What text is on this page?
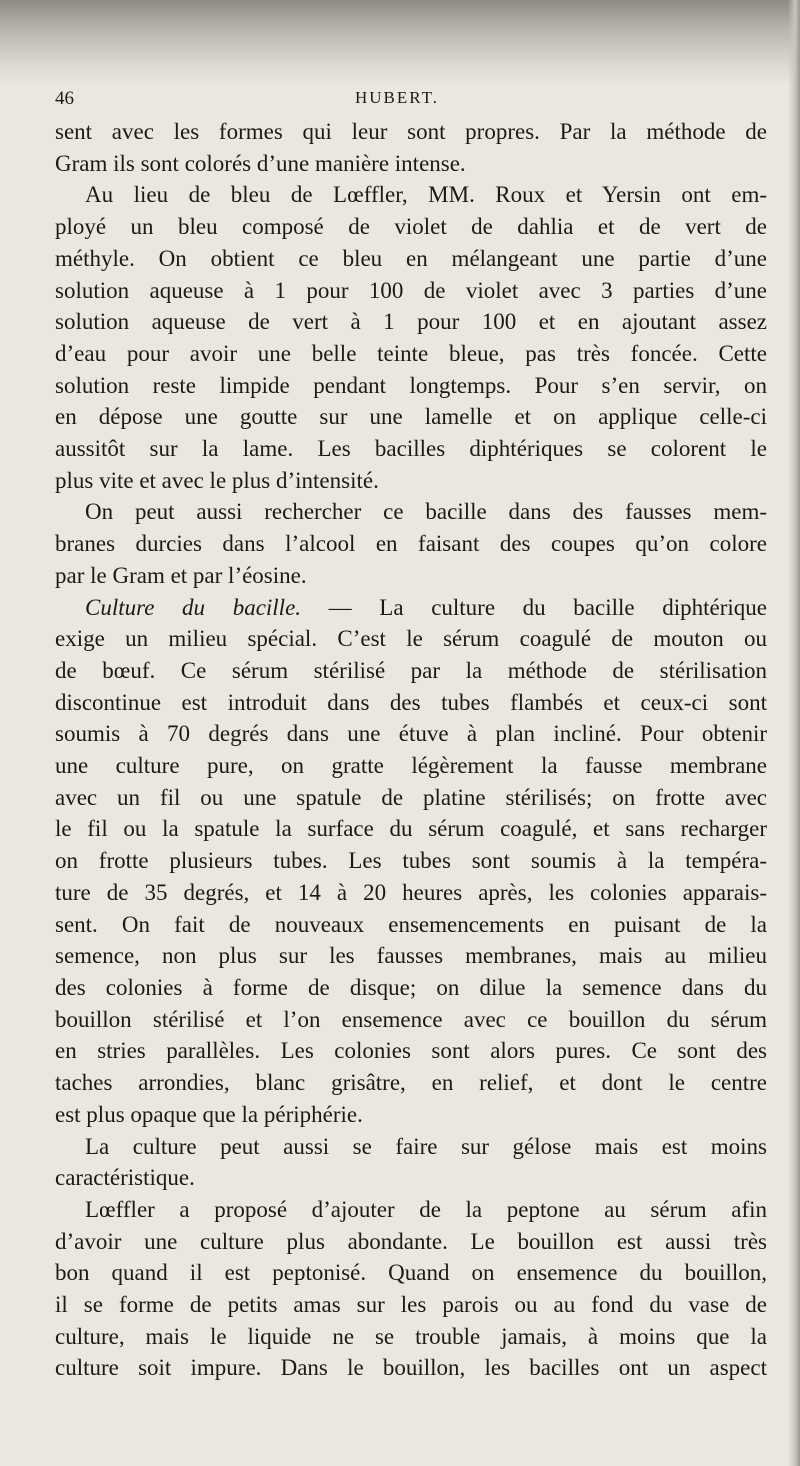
46	HUBERT.
sent avec les formes qui leur sont propres. Par la méthode de
Gram ils sont colorés d’une manière intense.
Au lieu de bleu de Lœffler, MM. Roux et Yersin ont em-
ployé un bleu composé de violet de dahlia et de vert de
méthyle. On obtient ce bleu en mélangeant une partie d’une
solution aqueuse à 1 pour 100 de violet avec 3 parties d’une
solution aqueuse de vert à 1 pour 100 et en ajoutant assez
d’eau pour avoir une belle teinte bleue, pas très foncée. Cette
solution reste limpide pendant longtemps. Pour s’en servir, on
en dépose une goutte sur une lamelle et on applique celle-ci
aussitôt sur la lame. Les bacilles diphtériques se colorent le
plus vite et avec le plus d’intensité.
On peut aussi rechercher ce bacille dans des fausses mem-
branes durcies dans l’alcool en faisant des coupes qu’on colore
par le Gram et par l’éosine.
Culture du bacille. — La culture du bacille diphtérique
exige un milieu spécial. C’est le sérum coagulé de mouton ou
de bœuf. Ce sérum stérilisé par la méthode de stérilisation
discontinue est introduit dans des tubes flambés et ceux-ci sont
soumis à 70 degrés dans une étuve à plan incliné. Pour obtenir
une culture pure, on gratte légèrement la fausse membrane
avec un fil ou une spatule de platine stérilisés; on frotte avec
le fil ou la spatule la surface du sérum coagulé, et sans recharger
on frotte plusieurs tubes. Les tubes sont soumis à la tempéra-
ture de 35 degrés, et 14 à 20 heures après, les colonies apparais-
sent. On fait de nouveaux ensemencements en puisant de la
semence, non plus sur les fausses membranes, mais au milieu
des colonies à forme de disque; on dilue la semence dans du
bouillon stérilisé et l’on ensemence avec ce bouillon du sérum
en stries parallèles. Les colonies sont alors pures. Ce sont des
taches arrondies, blanc grisâtre, en relief, et dont le centre
est plus opaque que la périphérie.
La culture peut aussi se faire sur gélose mais est moins
caractéristique.
Lœffler a proposé d’ajouter de la peptone au sérum afin
d’avoir une culture plus abondante. Le bouillon est aussi très
bon quand il est peptonisé. Quand on ensemence du bouillon,
il se forme de petits amas sur les parois ou au fond du vase de
culture, mais le liquide ne se trouble jamais, à moins que la
culture soit impure. Dans le bouillon, les bacilles ont un aspect
